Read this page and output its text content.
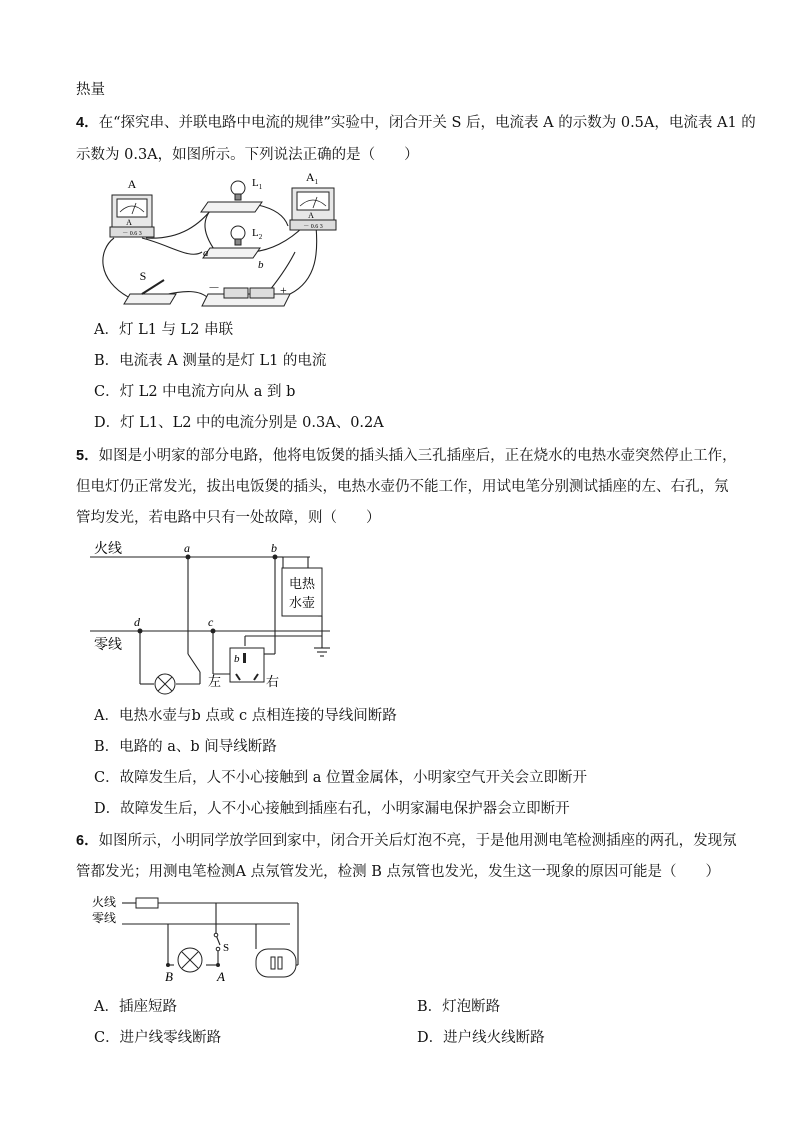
热量
4．在“探究串、并联电路中电流的规律”实验中，闭合开关 S 后，电流表 A 的示数为 0.5A，电流表 A1 的
示数为 0.3A，如图所示。下列说法正确的是（　　）
A
－ 0.6 3
A	$L_1$
A
－ 0.6 3
$A_1$
$L_2$
a
b
S
－	+
A．灯 L1 与 L2 串联
B．电流表 A 测量的是灯 L1 的电流
C．灯 L2 中电流方向从 a 到 b
D．灯 L1、L2 中的电流分别是 0.3A、0.2A
5．如图是小明家的部分电路，他将电饭煲的插头插入三孔插座后，正在烧水的电热水壶突然停止工作，
但电灯仍正常发光，拔出电饭煲的插头，电热水壶仍不能工作，用试电笔分别测试插座的左、右孔，氖
管均发光，若电路中只有一处故障，则（　　）
电热
水壶
b
火线
零线
a	b
c
d
左	右
A．电热水壶与b 点或 c 点相连接的导线间断路
B．电路的 a、b 间导线断路
C．故障发生后，人不小心接触到 a 位置金属体，小明家空气开关会立即断开
D．故障发生后，人不小心接触到插座右孔，小明家漏电保护器会立即断开
6．如图所示，小明同学放学回到家中，闭合开关后灯泡不亮，于是他用测电笔检测插座的两孔，发现氖
管都发光；用测电笔检测A 点氖管发光，检测 B 点氖管也发光，发生这一现象的原因可能是（　　）
火线
零线
S
B	A
A．插座短路	B．灯泡断路
C．进户线零线断路	D．进户线火线断路
